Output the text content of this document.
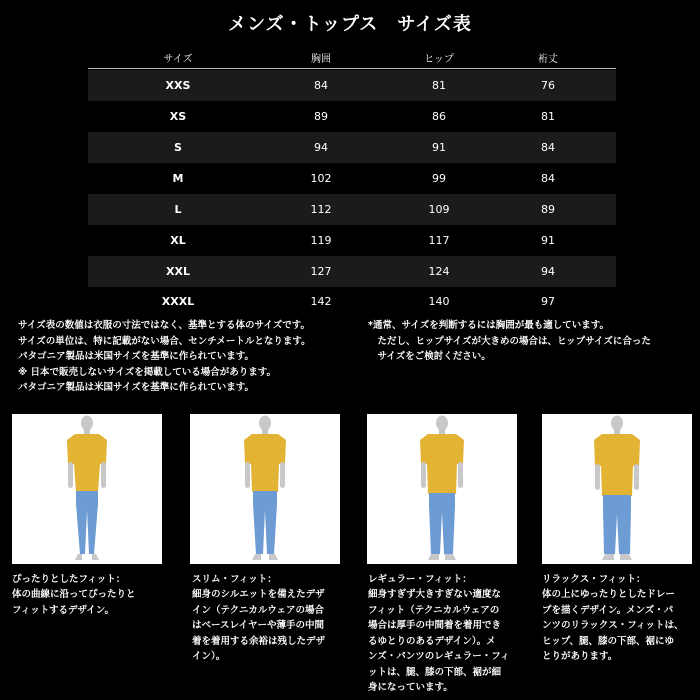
メンズ・トップス　サイズ表
サイズ	胸囲	ヒップ	裄丈
XXS	84	81	76
XS	89	86	81
S	94	91	84
M	102	99	84
L	112	109	89
XL	119	117	91
XXL	127	124	94
XXXL	142	140	97
サイズ表の数値は衣服の寸法ではなく、基準とする体のサイズです。
サイズの単位は、特に記載がない場合、センチメートルとなります。
パタゴニア製品は米国サイズを基準に作られています。
※ 日本で販売しないサイズを掲載している場合があります。
パタゴニア製品は米国サイズを基準に作られています。
*通常、サイズを判断するには胸囲が最も適しています。
　ただし、ヒップサイズが大きめの場合は、ヒップサイズに合った
　サイズをご検討ください。
ぴったりとしたフィット：
体の曲線に沿ってぴったりと
フィットするデザイン。
スリム・フィット：
細身のシルエットを備えたデザ
イン（テクニカルウェアの場合
はベースレイヤーや薄手の中間
着を着用する余裕は残したデザ
イン）。
レギュラー・フィット：
細身すぎず大きすぎない適度な
フィット（テクニカルウェアの
場合は厚手の中間着を着用でき
るゆとりのあるデザイン）。メ
ンズ・パンツのレギュラー・フィ
ットは、腿、膝の下部、裾が細
身になっています。
リラックス・フィット：
体の上にゆったりとしたドレー
プを描くデザイン。メンズ・パ
ンツのリラックス・フィットは、
ヒップ、腿、膝の下部、裾にゆ
とりがあります。
